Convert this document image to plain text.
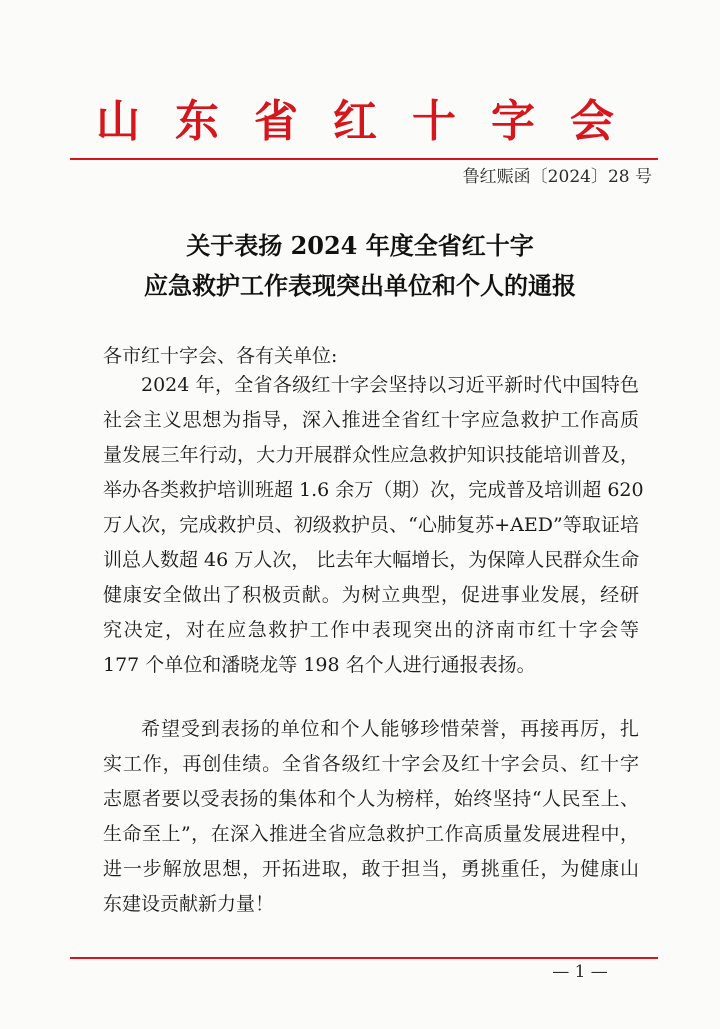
山 东 省 红 十 字 会
鲁红赈函〔2024〕28 号
关于表扬 2024 年度全省红十字
应急救护工作表现突出单位和个人的通报
各市红十字会、各有关单位:
2024 年，全省各级红十字会坚持以习近平新时代中国特色
社会主义思想为指导，深入推进全省红十字应急救护工作高质
量发展三年行动，大力开展群众性应急救护知识技能培训普及，
举办各类救护培训班超 1.6 余万（期）次，完成普及培训超 620
万人次，完成救护员、初级救护员、“心肺复苏+AED”等取证培
训总人数超 46 万人次， 比去年大幅增长，为保障人民群众生命
健康安全做出了积极贡献。为树立典型，促进事业发展，经研
究决定，对在应急救护工作中表现突出的济南市红十字会等
177 个单位和潘晓龙等 198 名个人进行通报表扬。
希望受到表扬的单位和个人能够珍惜荣誉，再接再厉，扎
实工作，再创佳绩。全省各级红十字会及红十字会员、红十字
志愿者要以受表扬的集体和个人为榜样，始终坚持“人民至上、
生命至上”，在深入推进全省应急救护工作高质量发展进程中，
进一步解放思想，开拓进取，敢于担当，勇挑重任，为健康山
东建设贡献新力量！
— 1 —
